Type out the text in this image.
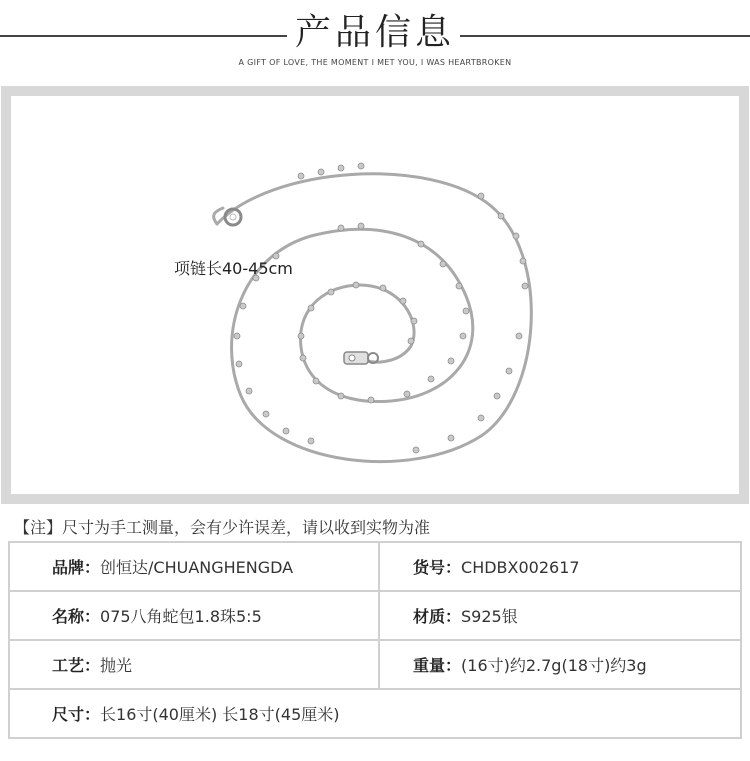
产品信息
A GIFT OF LOVE, THE MOMENT I MET YOU, I WAS HEARTBROKEN
项链长40-45cm
【注】尺寸为手工测量，会有少许误差，请以收到实物为准
品牌：创恒达/CHUANGHENGDA	货号：CHDBX002617

名称：075八角蛇包1.8珠5:5	材质：S925银

工艺：抛光	重量：(16寸)约2.7g(18寸)约3g

尺寸：长16寸(40厘米) 长18寸(45厘米)	
